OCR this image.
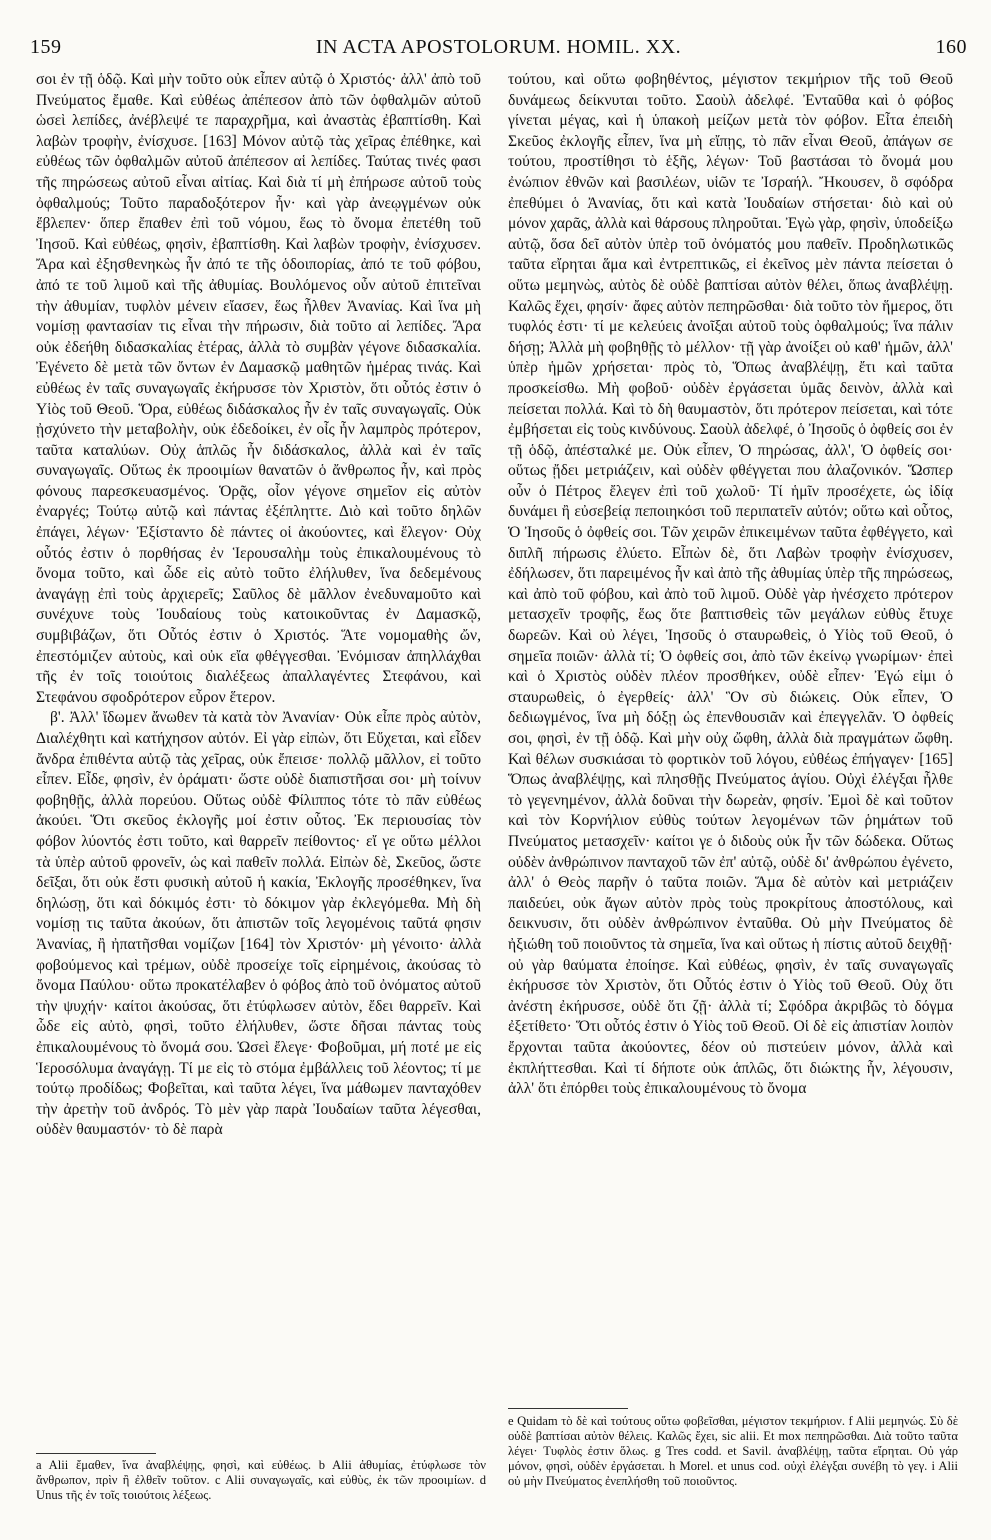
159	IN ACTA APOSTOLORUM. HOMIL. XX.	160

σοι ἐν τῇ ὁδῷ. Καὶ μὴν τοῦτο οὐκ εἶπεν αὐτῷ ὁ Χριστός· ἀλλ' ἀπὸ τοῦ Πνεύματος ἔμαθε. Καὶ εὐθέως ἀπέπεσον ἀπὸ τῶν ὀφθαλμῶν αὐτοῦ ὡσεὶ λεπίδες, ἀνέβλεψέ τε παραχρῆμα, καὶ ἀναστὰς ἐβαπτίσθη. Καὶ λαβὼν τροφὴν, ἐνίσχυσε. [163] Μόνον αὐτῷ τὰς χεῖρας ἐπέθηκε, καὶ εὐθέως τῶν ὀφθαλμῶν αὐτοῦ ἀπέπεσον αἱ λεπίδες. Ταύτας τινές φασι τῆς πηρώσεως αὐτοῦ εἶναι αἰτίας. Καὶ διὰ τί μὴ ἐπήρωσε αὐτοῦ τοὺς ὀφθαλμούς; Τοῦτο παραδοξότερον ἦν· καὶ γὰρ ἀνεῳγμένων οὐκ ἔβλεπεν· ὅπερ ἔπαθεν ἐπὶ τοῦ νόμου, ἕως τὸ ὄνομα ἐπετέθη τοῦ Ἰησοῦ. Καὶ εὐθέως, φησὶν, ἐβαπτίσθη. Καὶ λαβὼν τροφὴν, ἐνίσχυσεν. Ἄρα καὶ ἐξησθενηκὼς ἦν ἀπό τε τῆς ὁδοιπορίας, ἀπό τε τοῦ φόβου, ἀπό τε τοῦ λιμοῦ καὶ τῆς ἀθυμίας. Βουλόμενος οὖν αὐτοῦ ἐπιτεῖναι τὴν ἀθυμίαν, τυφλὸν μένειν εἴασεν, ἕως ἦλθεν Ἀνανίας. Καὶ ἵνα μὴ νομίσῃ φαντασίαν τις εἶναι τὴν πήρωσιν, διὰ τοῦτο αἱ λεπίδες. Ἄρα οὐκ ἐδεήθη διδασκαλίας ἑτέρας, ἀλλὰ τὸ συμβὰν γέγονε διδασκαλία. Ἐγένετο δὲ μετὰ τῶν ὄντων ἐν Δαμασκῷ μαθητῶν ἡμέρας τινάς. Καὶ εὐθέως ἐν ταῖς συναγωγαῖς ἐκήρυσσε τὸν Χριστὸν, ὅτι οὗτός ἐστιν ὁ Υἱὸς τοῦ Θεοῦ. Ὅρα, εὐθέως διδάσκαλος ἦν ἐν ταῖς συναγωγαῖς. Οὐκ ᾐσχύνετο τὴν μεταβολὴν, οὐκ ἐδεδοίκει, ἐν οἷς ἦν λαμπρὸς πρότερον, ταῦτα καταλύων. Οὐχ ἁπλῶς ἦν διδάσκαλος, ἀλλὰ καὶ ἐν ταῖς συναγωγαῖς. Οὕτως ἐκ προοιμίων θανατῶν ὁ ἄνθρωπος ἦν, καὶ πρὸς φόνους παρεσκευασμένος. Ὁρᾷς, οἷον γέγονε σημεῖον εἰς αὐτὸν ἐναργές; Τούτῳ αὐτῷ καὶ πάντας ἐξέπληττε. Διὸ καὶ τοῦτο δηλῶν ἐπάγει, λέγων· Ἐξίσταντο δὲ πάντες οἱ ἀκούοντες, καὶ ἔλεγον· Οὐχ οὗτός ἐστιν ὁ πορθήσας ἐν Ἱερουσαλὴμ τοὺς ἐπικαλουμένους τὸ ὄνομα τοῦτο, καὶ ὧδε εἰς αὐτὸ τοῦτο ἐλήλυθεν, ἵνα δεδεμένους ἀναγάγῃ ἐπὶ τοὺς ἀρχιερεῖς; Σαῦλος δὲ μᾶλλον ἐνεδυναμοῦτο καὶ συνέχυνε τοὺς Ἰουδαίους τοὺς κατοικοῦντας ἐν Δαμασκῷ, συμβιβάζων, ὅτι Οὗτός ἐστιν ὁ Χριστός. Ἅτε νομομαθὴς ὤν, ἐπεστόμιζεν αὐτοὺς, καὶ οὐκ εἴα φθέγγεσθαι. Ἐνόμισαν ἀπηλλάχθαι τῆς ἐν τοῖς τοιούτοις διαλέξεως ἀπαλλαγέντες Στεφάνου, καὶ Στεφάνου σφοδρότερον εὗρον ἕτερον.

β'. Ἀλλ' ἴδωμεν ἄνωθεν τὰ κατὰ τὸν Ἀνανίαν· Οὐκ εἶπε πρὸς αὐτὸν, Διαλέχθητι καὶ κατήχησον αὐτόν. Εἰ γὰρ εἰπὼν, ὅτι Εὔχεται, καὶ εἶδεν ἄνδρα ἐπιθέντα αὐτῷ τὰς χεῖρας, οὐκ ἔπεισε· πολλῷ μᾶλλον, εἰ τοῦτο εἶπεν. Εἶδε, φησὶν, ἐν ὁράματι· ὥστε οὐδὲ διαπιστῆσαι σοι· μὴ τοίνυν φοβηθῇς, ἀλλὰ πορεύου. Οὕτως οὐδὲ Φίλιππος τότε τὸ πᾶν εὐθέως ἀκούει. Ὅτι σκεῦος ἐκλογῆς μοί ἐστιν οὗτος. Ἐκ περιουσίας τὸν φόβον λύοντός ἐστι τοῦτο, καὶ θαρρεῖν πείθοντος· εἴ γε οὕτω μέλλοι τὰ ὑπὲρ αὐτοῦ φρονεῖν, ὡς καὶ παθεῖν πολλά. Εἰπὼν δὲ, Σκεῦος, ὥστε δεῖξαι, ὅτι οὐκ ἔστι φυσικὴ αὐτοῦ ἡ κακία, Ἐκλογῆς προσέθηκεν, ἵνα δηλώσῃ, ὅτι καὶ δόκιμός ἐστι· τὸ δόκιμον γὰρ ἐκλεγόμεθα. Μὴ δὴ νομίσῃ τις ταῦτα ἀκούων, ὅτι ἀπιστῶν τοῖς λεγομένοις ταῦτά φησιν Ἀνανίας, ἢ ἠπατῆσθαι νομίζων [164] τὸν Χριστόν· μὴ γένοιτο· ἀλλὰ φοβούμενος καὶ τρέμων, οὐδὲ προσείχε τοῖς εἰρημένοις, ἀκούσας τὸ ὄνομα Παύλου· οὕτω προκατέλαβεν ὁ φόβος ἀπὸ τοῦ ὀνόματος αὐτοῦ τὴν ψυχήν· καίτοι ἀκούσας, ὅτι ἐτύφλωσεν αὐτὸν, ἔδει θαρρεῖν. Καὶ ὧδε εἰς αὐτὸ, φησὶ, τοῦτο ἐλήλυθεν, ὥστε δῆσαι πάντας τοὺς ἐπικαλουμένους τὸ ὄνομά σου. Ὡσεὶ ἔλεγε· Φοβοῦμαι, μή ποτέ με εἰς Ἱεροσόλυμα ἀναγάγῃ. Τί με εἰς τὸ στόμα ἐμβάλλεις τοῦ λέοντος; τί με τούτῳ προδίδως; Φοβεῖται, καὶ ταῦτα λέγει, ἵνα μάθωμεν πανταχόθεν τὴν ἀρετὴν τοῦ ἀνδρός. Τὸ μὲν γὰρ παρὰ Ἰουδαίων ταῦτα λέγεσθαι, οὐδὲν θαυμαστόν· τὸ δὲ παρὰ

τούτου, καὶ οὕτω φοβηθέντος, μέγιστον τεκμήριον τῆς τοῦ Θεοῦ δυνάμεως δείκνυται τοῦτο. Σαοὺλ ἀδελφέ. Ἐνταῦθα καὶ ὁ φόβος γίνεται μέγας, καὶ ἡ ὑπακοὴ μείζων μετὰ τὸν φόβον. Εἶτα ἐπειδὴ Σκεῦος ἐκλογῆς εἶπεν, ἵνα μὴ εἴπῃς, τὸ πᾶν εἶναι Θεοῦ, ἀπάγων σε τούτου, προστίθησι τὸ ἑξῆς, λέγων· Τοῦ βαστάσαι τὸ ὄνομά μου ἐνώπιον ἐθνῶν καὶ βασιλέων, υἱῶν τε Ἰσραήλ. Ἤκουσεν, ὃ σφόδρα ἐπεθύμει ὁ Ἀνανίας, ὅτι καὶ κατὰ Ἰουδαίων στήσεται· διὸ καὶ οὐ μόνον χαρᾶς, ἀλλὰ καὶ θάρσους πληροῦται. Ἐγὼ γὰρ, φησὶν, ὑποδείξω αὐτῷ, ὅσα δεῖ αὐτὸν ὑπὲρ τοῦ ὀνόματός μου παθεῖν. Προδηλωτικῶς ταῦτα εἴρηται ἅμα καὶ ἐντρεπτικῶς, εἰ ἐκεῖνος μὲν πάντα πείσεται ὁ οὕτω μεμηνὼς, αὐτὸς δὲ οὐδὲ βαπτίσαι αὐτὸν θέλει, ὅπως ἀναβλέψῃ. Καλῶς ἔχει, φησίν· ἄφες αὐτὸν πεπηρῶσθαι· διὰ τοῦτο τὸν ἥμερος, ὅτι τυφλός ἐστι· τί με κελεύεις ἀνοῖξαι αὐτοῦ τοὺς ὀφθαλμούς; ἵνα πάλιν δήσῃ; Ἀλλὰ μὴ φοβηθῇς τὸ μέλλον· τῇ γὰρ ἀνοίξει οὐ καθ' ἡμῶν, ἀλλ' ὑπὲρ ἡμῶν χρήσεται· πρὸς τὸ, Ὅπως ἀναβλέψῃ, ἔτι καὶ ταῦτα προσκείσθω. Μὴ φοβοῦ· οὐδὲν ἐργάσεται ὑμᾶς δεινὸν, ἀλλὰ καὶ πείσεται πολλά. Καὶ τὸ δὴ θαυμαστὸν, ὅτι πρότερον πείσεται, καὶ τότε ἐμβήσεται εἰς τοὺς κινδύνους. Σαοὺλ ἀδελφέ, ὁ Ἰησοῦς ὁ ὀφθείς σοι ἐν τῇ ὁδῷ, ἀπέσταλκέ με. Οὐκ εἶπεν, Ὁ πηρώσας, ἀλλ', Ὁ ὀφθείς σοι· οὕτως ᾔδει μετριάζειν, καὶ οὐδὲν φθέγγεται που ἀλαζονικόν. Ὥσπερ οὖν ὁ Πέτρος ἔλεγεν ἐπὶ τοῦ χωλοῦ· Τί ἡμῖν προσέχετε, ὡς ἰδίᾳ δυνάμει ἢ εὐσεβείᾳ πεποιηκόσι τοῦ περιπατεῖν αὐτόν; οὕτω καὶ οὗτος, Ὁ Ἰησοῦς ὁ ὀφθείς σοι. Τῶν χειρῶν ἐπικειμένων ταῦτα ἐφθέγγετο, καὶ διπλῆ πήρωσις ἐλύετο. Εἶπὼν δὲ, ὅτι Λαβὼν τροφὴν ἐνίσχυσεν, ἐδήλωσεν, ὅτι παρειμένος ἦν καὶ ἀπὸ τῆς ἀθυμίας ὑπὲρ τῆς πηρώσεως, καὶ ἀπὸ τοῦ φόβου, καὶ ἀπὸ τοῦ λιμοῦ. Οὐδὲ γὰρ ἠνέσχετο πρότερον μετασχεῖν τροφῆς, ἕως ὅτε βαπτισθεὶς τῶν μεγάλων εὐθὺς ἔτυχε δωρεῶν. Καὶ οὐ λέγει, Ἰησοῦς ὁ σταυρωθεὶς, ὁ Υἱὸς τοῦ Θεοῦ, ὁ σημεῖα ποιῶν· ἀλλὰ τί; Ὁ ὀφθείς σοι, ἀπὸ τῶν ἐκείνῳ γνωρίμων· ἐπεὶ καὶ ὁ Χριστὸς οὐδὲν πλέον προσθήκεν, οὐδὲ εἶπεν· Ἐγώ εἰμι ὁ σταυρωθεὶς, ὁ ἐγερθείς· ἀλλ' Ὃν σὺ διώκεις. Οὐκ εἶπεν, Ὁ δεδιωγμένος, ἵνα μὴ δόξῃ ὡς ἐπενθουσιᾶν καὶ ἐπεγγελᾶν. Ὁ ὀφθείς σοι, φησὶ, ἐν τῇ ὁδῷ. Καὶ μὴν οὐχ ὤφθη, ἀλλὰ διὰ πραγμάτων ὤφθη. Καὶ θέλων συσκιάσαι τὸ φορτικὸν τοῦ λόγου, εὐθέως ἐπήγαγεν· [165] Ὅπως ἀναβλέψῃς, καὶ πλησθῇς Πνεύματος ἁγίου. Οὐχὶ ἐλέγξαι ἦλθε τὸ γεγενημένον, ἀλλὰ δοῦναι τὴν δωρεὰν, φησίν. Ἐμοὶ δὲ καὶ τοῦτον καὶ τὸν Κορνήλιον εὐθὺς τούτων λεγομένων τῶν ῥημάτων τοῦ Πνεύματος μετασχεῖν· καίτοι γε ὁ διδοὺς οὐκ ἦν τῶν δώδεκα. Οὕτως οὐδὲν ἀνθρώπινον πανταχοῦ τῶν ἐπ' αὐτῷ, οὐδὲ δι' ἀνθρώπου ἐγένετο, ἀλλ' ὁ Θεὸς παρῆν ὁ ταῦτα ποιῶν. Ἅμα δὲ αὐτὸν καὶ μετριάζειν παιδεύει, οὐκ ἄγων αὐτὸν πρὸς τοὺς προκρίτους ἀποστόλους, καὶ δεικνυσιν, ὅτι οὐδὲν ἀνθρώπινον ἐνταῦθα. Οὐ μὴν Πνεύματος δὲ ἠξιώθη τοῦ ποιοῦντος τὰ σημεῖα, ἵνα καὶ οὕτως ἡ πίστις αὐτοῦ δειχθῇ· οὐ γὰρ θαύματα ἐποίησε. Καὶ εὐθέως, φησὶν, ἐν ταῖς συναγωγαῖς ἐκήρυσσε τὸν Χριστὸν, ὅτι Οὗτός ἐστιν ὁ Υἱὸς τοῦ Θεοῦ. Οὐχ ὅτι ἀνέστη ἐκήρυσσε, οὐδὲ ὅτι ζῇ· ἀλλὰ τί; Σφόδρα ἀκριβῶς τὸ δόγμα ἐξετίθετο· Ὅτι οὗτός ἐστιν ὁ Υἱὸς τοῦ Θεοῦ. Οἱ δὲ εἰς ἀπιστίαν λοιπὸν ἔρχονται ταῦτα ἀκούοντες, δέον οὐ πιστεύειν μόνον, ἀλλὰ καὶ ἐκπλήττεσθαι. Καὶ τί δήποτε οὐκ ἁπλῶς, ὅτι διώκτης ἦν, λέγουσιν, ἀλλ' ὅτι ἐπόρθει τοὺς ἐπικαλουμένους τὸ ὄνομα

a Alii ἔμαθεν, ἵνα ἀναβλέψῃς, φησὶ, καὶ εὐθέως. b Alii ἀθυμίας, ἐτύφλωσε τὸν ἄνθρωπον, πρὶν ἢ ἐλθεῖν τοῦτον. c Alii συναγωγαῖς, καὶ εὐθὺς, ἐκ τῶν προοιμίων. d Unus τῆς ἐν τοῖς τοιούτοις λέξεως.
e Quidam τὸ δὲ καὶ τούτους οὕτω φοβεῖσθαι, μέγιστον τεκμήριον. f Alii μεμηνώς. Σὺ δὲ οὐδὲ βαπτίσαι αὐτὸν θέλεις. Καλῶς ἔχει, sic alii. Et mox πεπηρῶσθαι. Διὰ τοῦτο ταῦτα λέγει· Τυφλὸς ἐστιν ὅλως. g Tres codd. et Savil. ἀναβλέψῃ, ταῦτα εἴρηται. Οὐ γάρ μόνον, φησὶ, οὐδὲν ἐργάσεται. h Morel. et unus cod. οὐχὶ ἐλέγξαι συνέβη τὸ γεγ. i Alii οὐ μὴν Πνεύματος ἐνεπλήσθη τοῦ ποιοῦντος.
